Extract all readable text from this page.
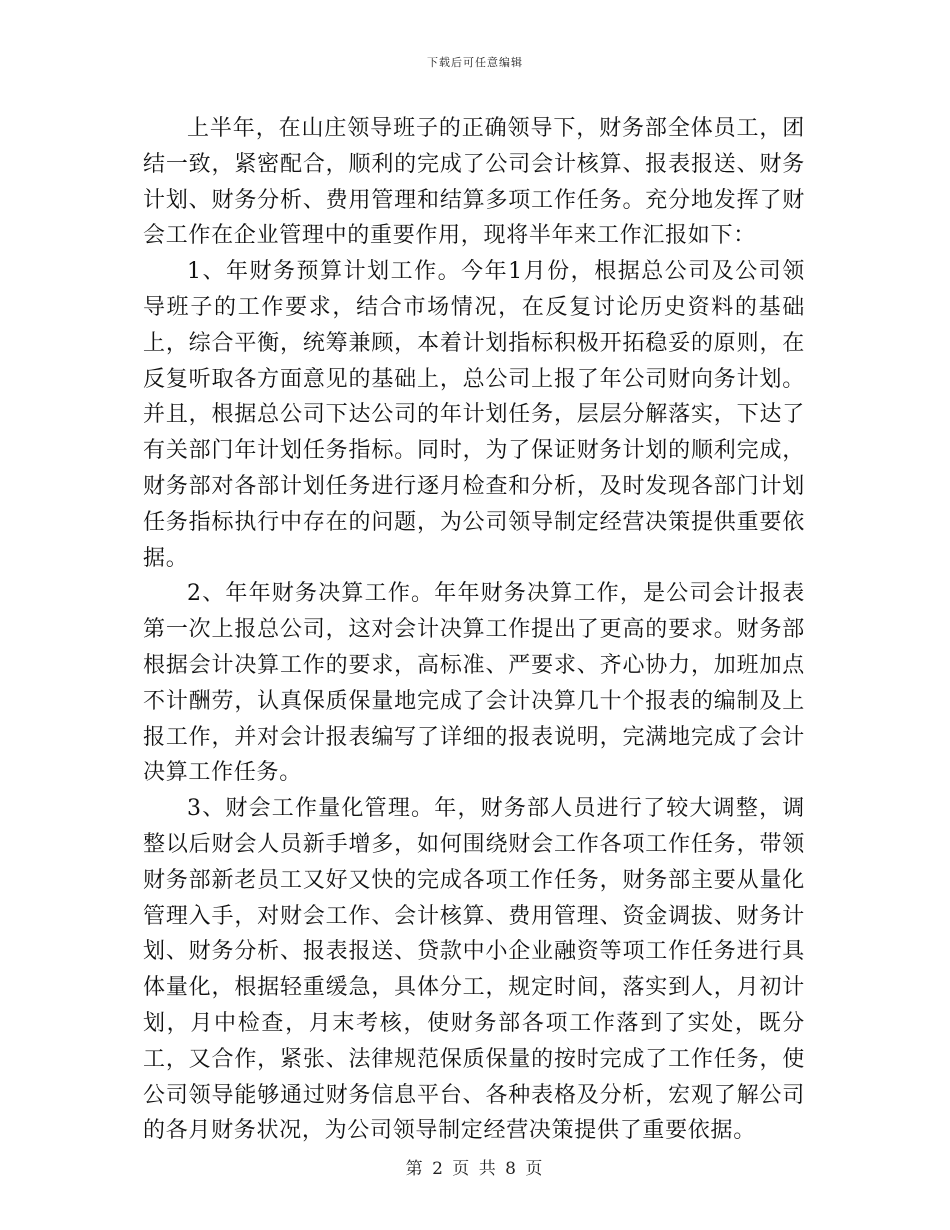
下载后可任意编辑

上半年，在山庄领导班子的正确领导下，财务部全体员工，团结一致，紧密配合，顺利的完成了公司会计核算、报表报送、财务计划、财务分析、费用管理和结算多项工作任务。充分地发挥了财会工作在企业管理中的重要作用，现将半年来工作汇报如下：

1、年财务预算计划工作。今年1月份，根据总公司及公司领导班子的工作要求，结合市场情况，在反复讨论历史资料的基础上，综合平衡，统筹兼顾，本着计划指标积极开拓稳妥的原则，在反复听取各方面意见的基础上，总公司上报了年公司财向务计划。并且，根据总公司下达公司的年计划任务，层层分解落实，下达了有关部门年计划任务指标。同时，为了保证财务计划的顺利完成，财务部对各部计划任务进行逐月检查和分析，及时发现各部门计划任务指标执行中存在的问题，为公司领导制定经营决策提供重要依据。

2、年年财务决算工作。年年财务决算工作，是公司会计报表第一次上报总公司，这对会计决算工作提出了更高的要求。财务部根据会计决算工作的要求，高标准、严要求、齐心协力，加班加点不计酬劳，认真保质保量地完成了会计决算几十个报表的编制及上报工作，并对会计报表编写了详细的报表说明，完满地完成了会计决算工作任务。

3、财会工作量化管理。年，财务部人员进行了较大调整，调整以后财会人员新手增多，如何围绕财会工作各项工作任务，带领财务部新老员工又好又快的完成各项工作任务，财务部主要从量化管理入手，对财会工作、会计核算、费用管理、资金调拔、财务计划、财务分析、报表报送、贷款中小企业融资等项工作任务进行具体量化，根据轻重缓急，具体分工，规定时间，落实到人，月初计划，月中检查，月末考核，使财务部各项工作落到了实处，既分工，又合作，紧张、法律规范保质保量的按时完成了工作任务，使公司领导能够通过财务信息平台、各种表格及分析，宏观了解公司的各月财务状况，为公司领导制定经营决策提供了重要依据。

第 2 页 共 8 页
